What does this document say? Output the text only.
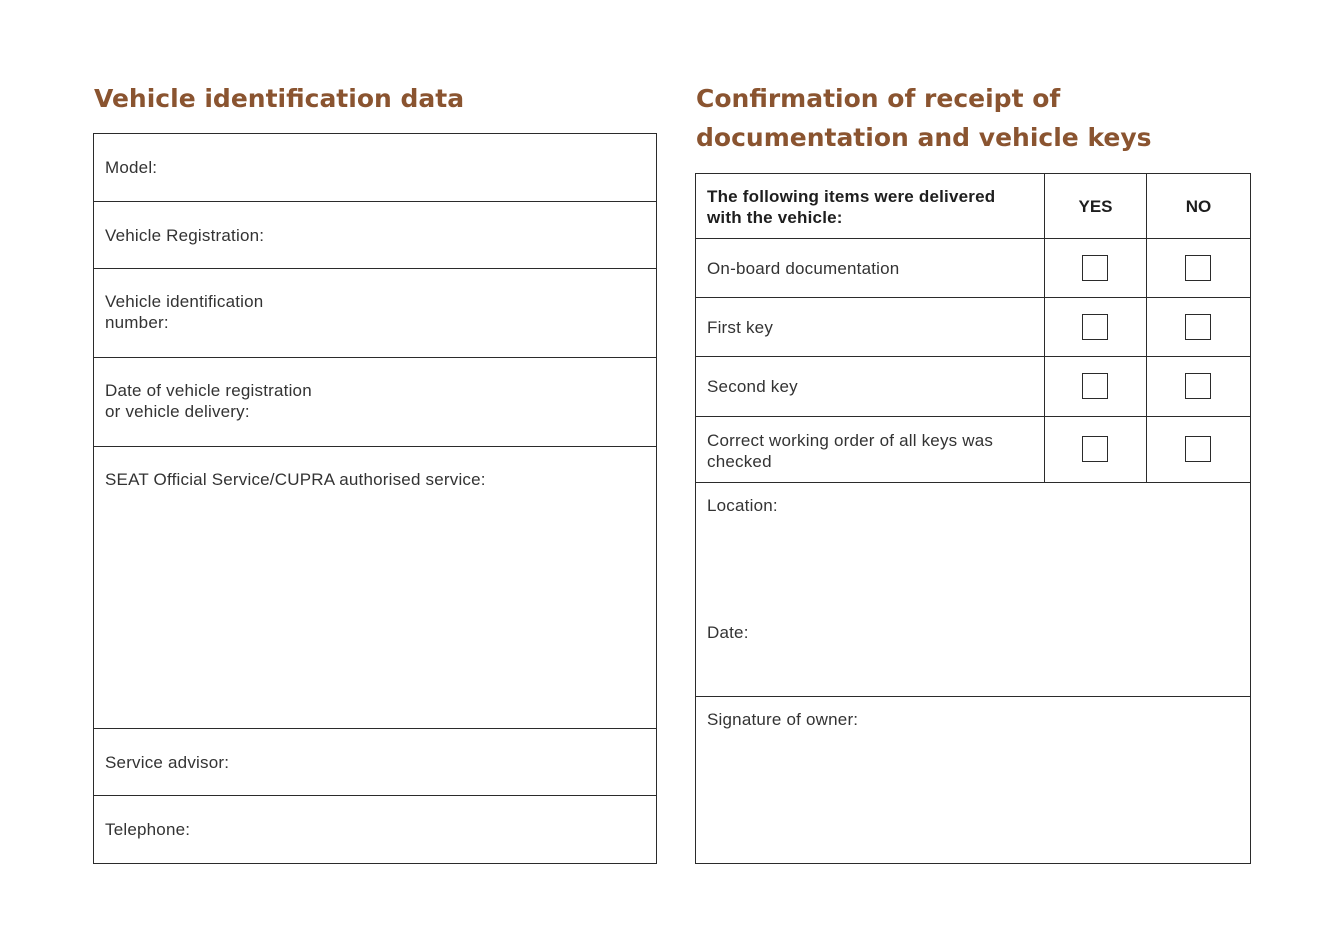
Vehicle identification data
Model:
Vehicle Registration:
Vehicle identification
number:
Date of vehicle registration
or vehicle delivery:
SEAT Official Service/CUPRA authorised service:
Service advisor:
Telephone:
Confirmation of receipt of
documentation and vehicle keys
The following items were delivered
with the vehicle:
YES	NO
On-board documentation
First key
Second key
Correct working order of all keys was
checked
Location:
Date:
Signature of owner:
